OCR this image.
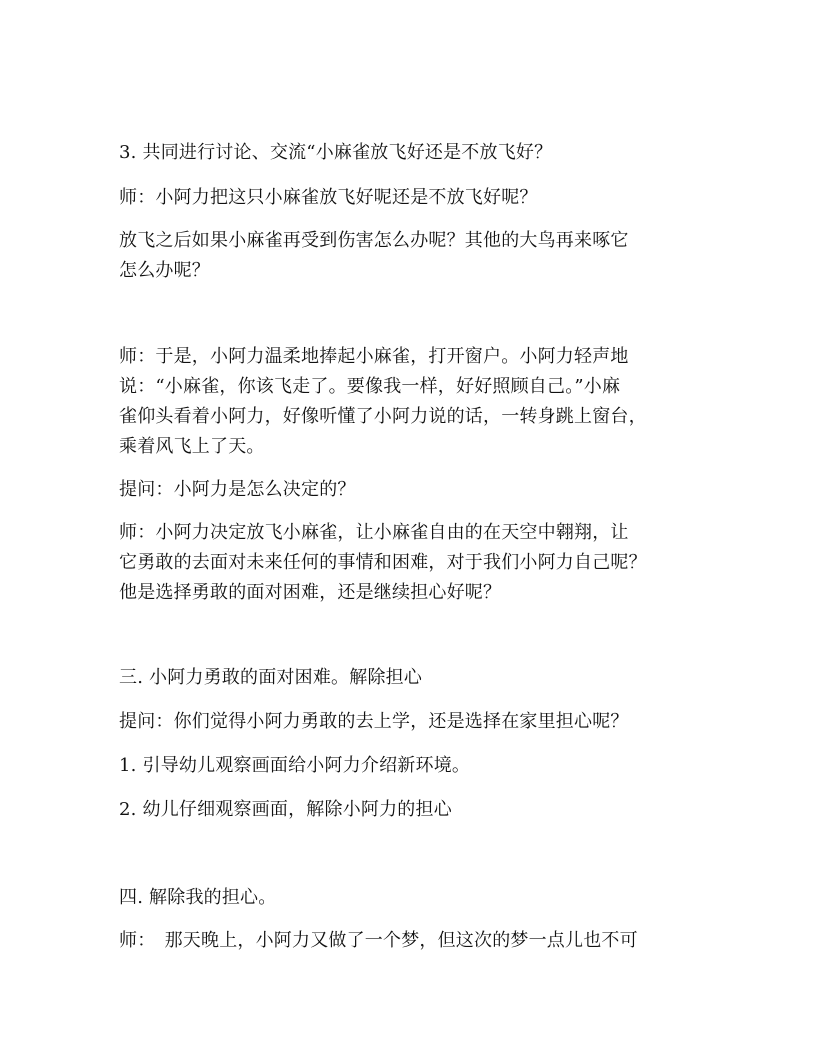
3. 共同进行讨论、交流“小麻雀放飞好还是不放飞好？

师：小阿力把这只小麻雀放飞好呢还是不放飞好呢？

放飞之后如果小麻雀再受到伤害怎么办呢？其他的大鸟再来啄它
怎么办呢？

师：于是，小阿力温柔地捧起小麻雀，打开窗户。小阿力轻声地
说：“小麻雀，你该飞走了。要像我一样，好好照顾自己。”小麻
雀仰头看着小阿力，好像听懂了小阿力说的话，一转身跳上窗台，
乘着风飞上了天。

提问：小阿力是怎么决定的？

师：小阿力决定放飞小麻雀，让小麻雀自由的在天空中翱翔，让
它勇敢的去面对未来任何的事情和困难，对于我们小阿力自己呢？
他是选择勇敢的面对困难，还是继续担心好呢？

三. 小阿力勇敢的面对困难。解除担心

提问：你们觉得小阿力勇敢的去上学，还是选择在家里担心呢？

1. 引导幼儿观察画面给小阿力介绍新环境。

2. 幼儿仔细观察画面，解除小阿力的担心

四. 解除我的担心。

师：　那天晚上，小阿力又做了一个梦，但这次的梦一点儿也不可
